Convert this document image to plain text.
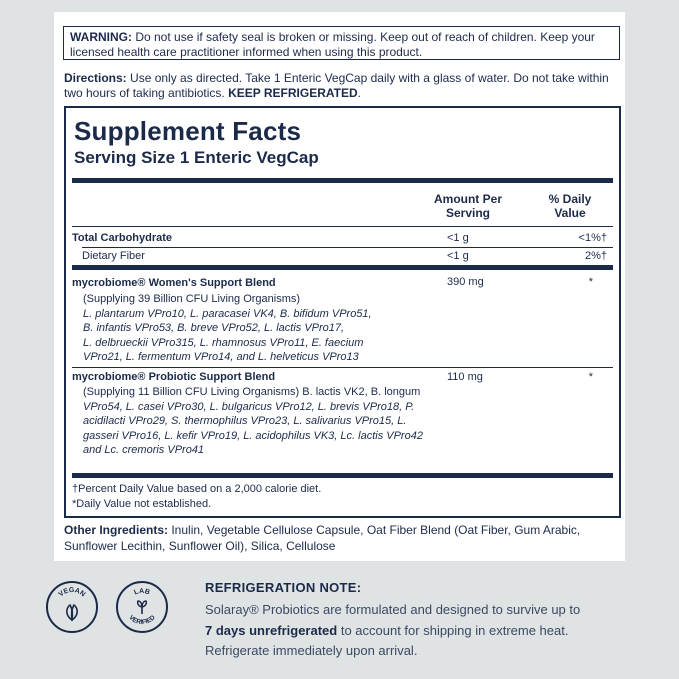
WARNING: Do not use if safety seal is broken or missing. Keep out of reach of children. Keep your licensed health care practitioner informed when using this product.
Directions: Use only as directed. Take 1 Enteric VegCap daily with a glass of water. Do not take within two hours of taking antibiotics. KEEP REFRIGERATED.
Supplement Facts
Serving Size 1 Enteric VegCap
Amount Per Serving
% Daily Value
Total Carbohydrate	<1 g	<1%†
Dietary Fiber	<1 g	2%†
mycrobiome® Women's Support Blend	390 mg	*
(Supplying 39 Billion CFU Living Organisms)
L. plantarum VPro10, L. paracasei VK4, B. bifidum VPro51,
B. infantis VPro53, B. breve VPro52, L. lactis VPro17,
L. delbrueckii VPro315, L. rhamnosus VPro11, E. faecium
VPro21, L. fermentum VPro14, and L. helveticus VPro13
mycrobiome® Probiotic Support Blend	110 mg	*
(Supplying 11 Billion CFU Living Organisms) B. lactis VK2, B. longum
VPro54, L. casei VPro30, L. bulgaricus VPro12, L. brevis VPro18, P.
acidilacti VPro29, S. thermophilus VPro23, L. salivarius VPro15, L.
gasseri VPro16, L. kefir VPro19, L. acidophilus VK3, Lc. lactis VPro42
and Lc. cremoris VPro41
†Percent Daily Value based on a 2,000 calorie diet.
*Daily Value not established.
Other Ingredients: Inulin, Vegetable Cellulose Capsule, Oat Fiber Blend (Oat Fiber, Gum Arabic, Sunflower Lecithin, Sunflower Oil), Silica, Cellulose
VEGAN	LAB
VERIFIED
REFRIGERATION NOTE:
Solaray® Probiotics are formulated and designed to survive up to
7 days unrefrigerated to account for shipping in extreme heat.
Refrigerate immediately upon arrival.
